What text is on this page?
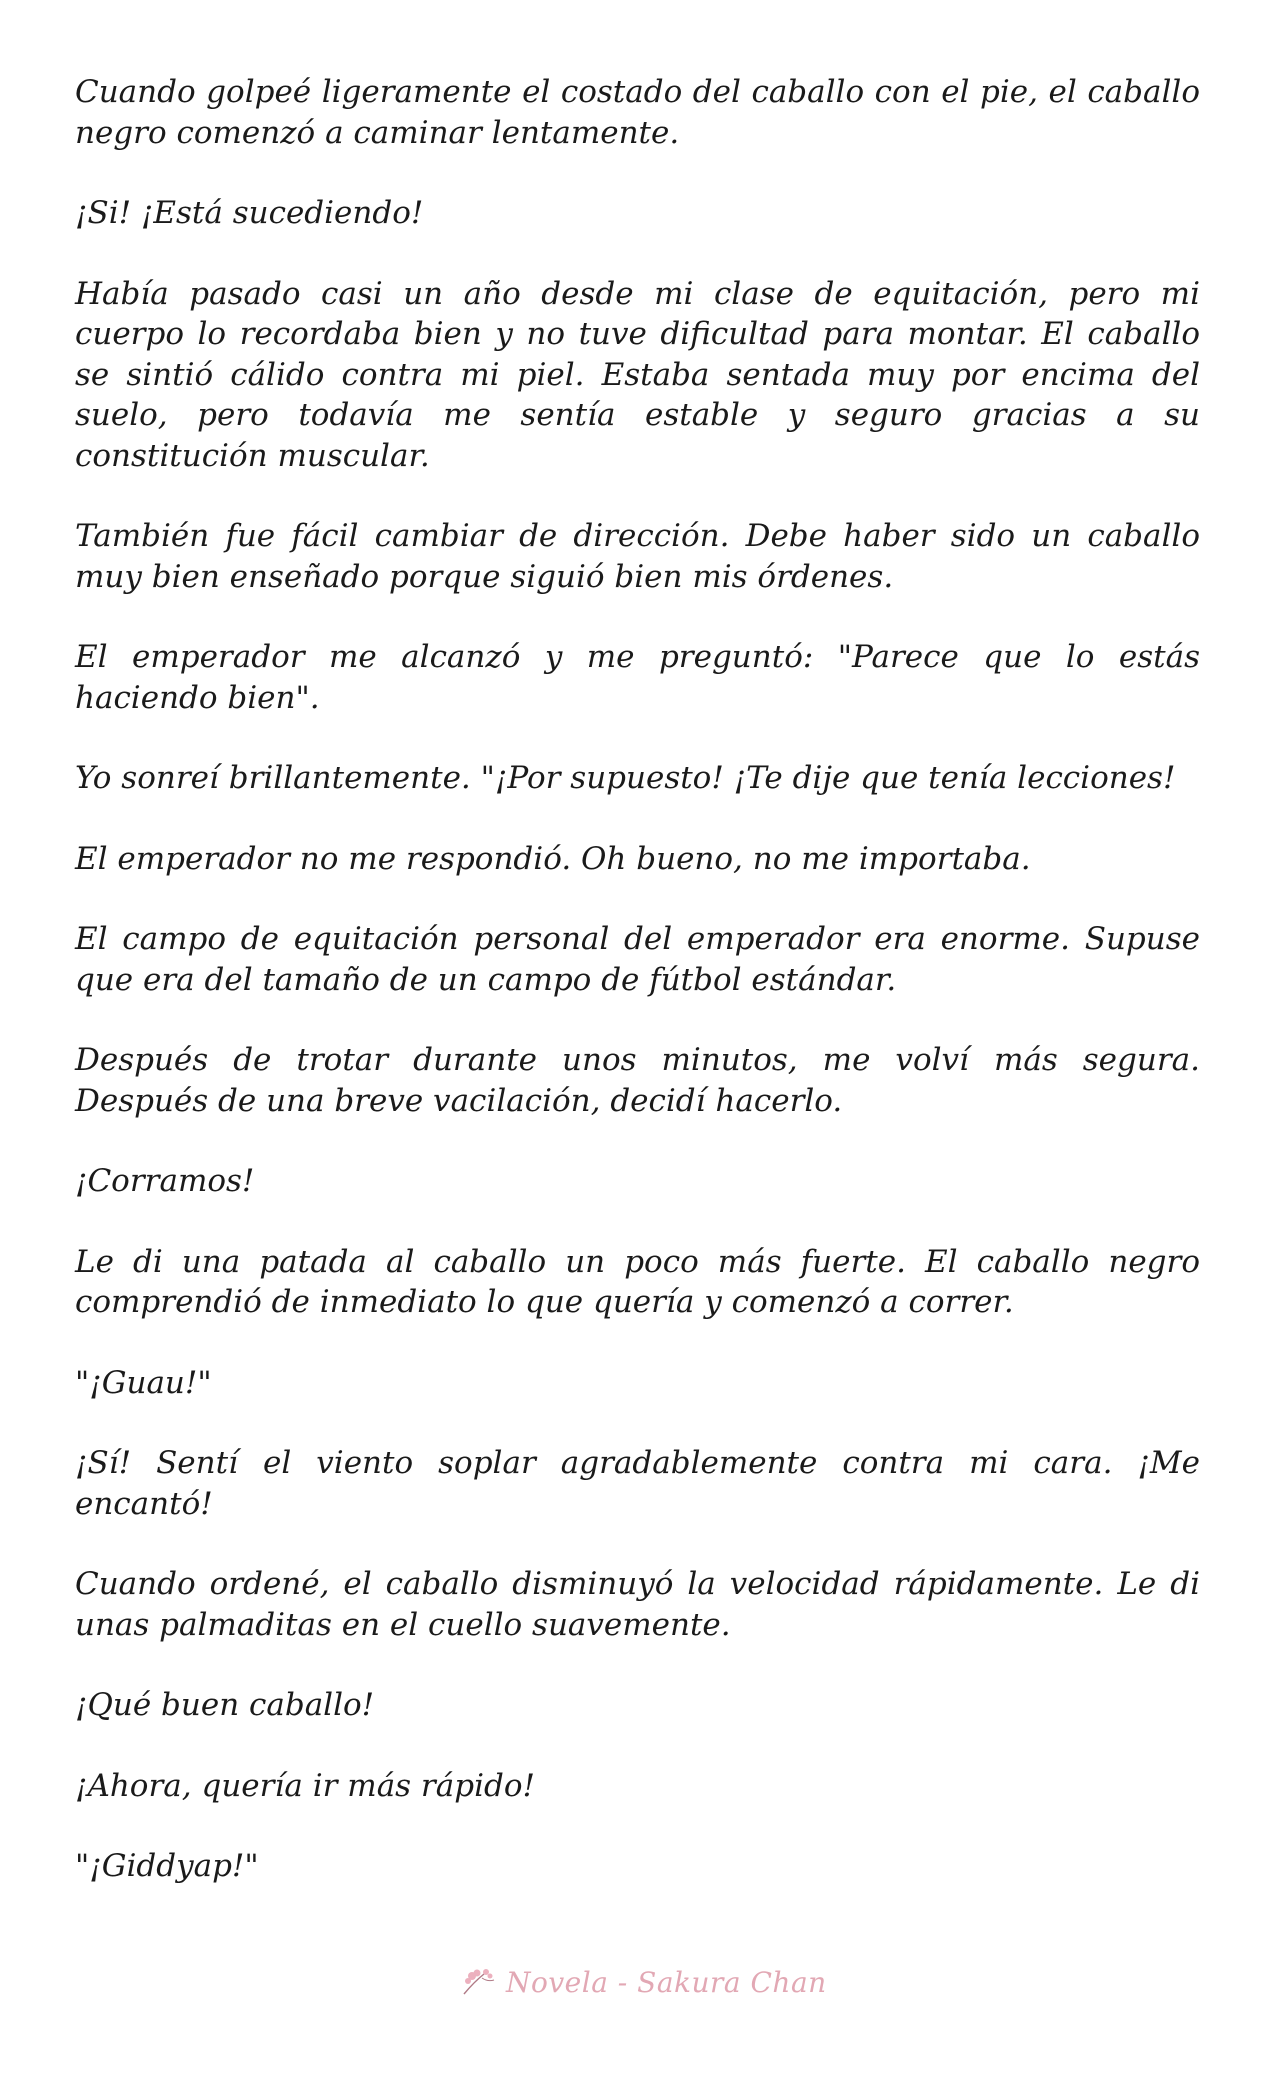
Cuando golpeé ligeramente el costado del caballo con el pie, el caballo negro comenzó a caminar lentamente.

¡Si! ¡Está sucediendo!

Había pasado casi un año desde mi clase de equitación, pero mi cuerpo lo recordaba bien y no tuve dificultad para montar. El caballo se sintió cálido contra mi piel. Estaba sentada muy por encima del suelo, pero todavía me sentía estable y seguro gracias a su constitución muscular.

También fue fácil cambiar de dirección. Debe haber sido un caballo muy bien enseñado porque siguió bien mis órdenes.

El emperador me alcanzó y me preguntó: "Parece que lo estás haciendo bien".

Yo sonreí brillantemente. "¡Por supuesto! ¡Te dije que tenía lecciones!

El emperador no me respondió. Oh bueno, no me importaba.

El campo de equitación personal del emperador era enorme. Supuse que era del tamaño de un campo de fútbol estándar.

Después de trotar durante unos minutos, me volví más segura. Después de una breve vacilación, decidí hacerlo.

¡Corramos!

Le di una patada al caballo un poco más fuerte. El caballo negro comprendió de inmediato lo que quería y comenzó a correr.

"¡Guau!"

¡Sí! Sentí el viento soplar agradablemente contra mi cara. ¡Me encantó!

Cuando ordené, el caballo disminuyó la velocidad rápidamente. Le di unas palmaditas en el cuello suavemente.

¡Qué buen caballo!

¡Ahora, quería ir más rápido!

"¡Giddyap!"

Novela - Sakura Chan
